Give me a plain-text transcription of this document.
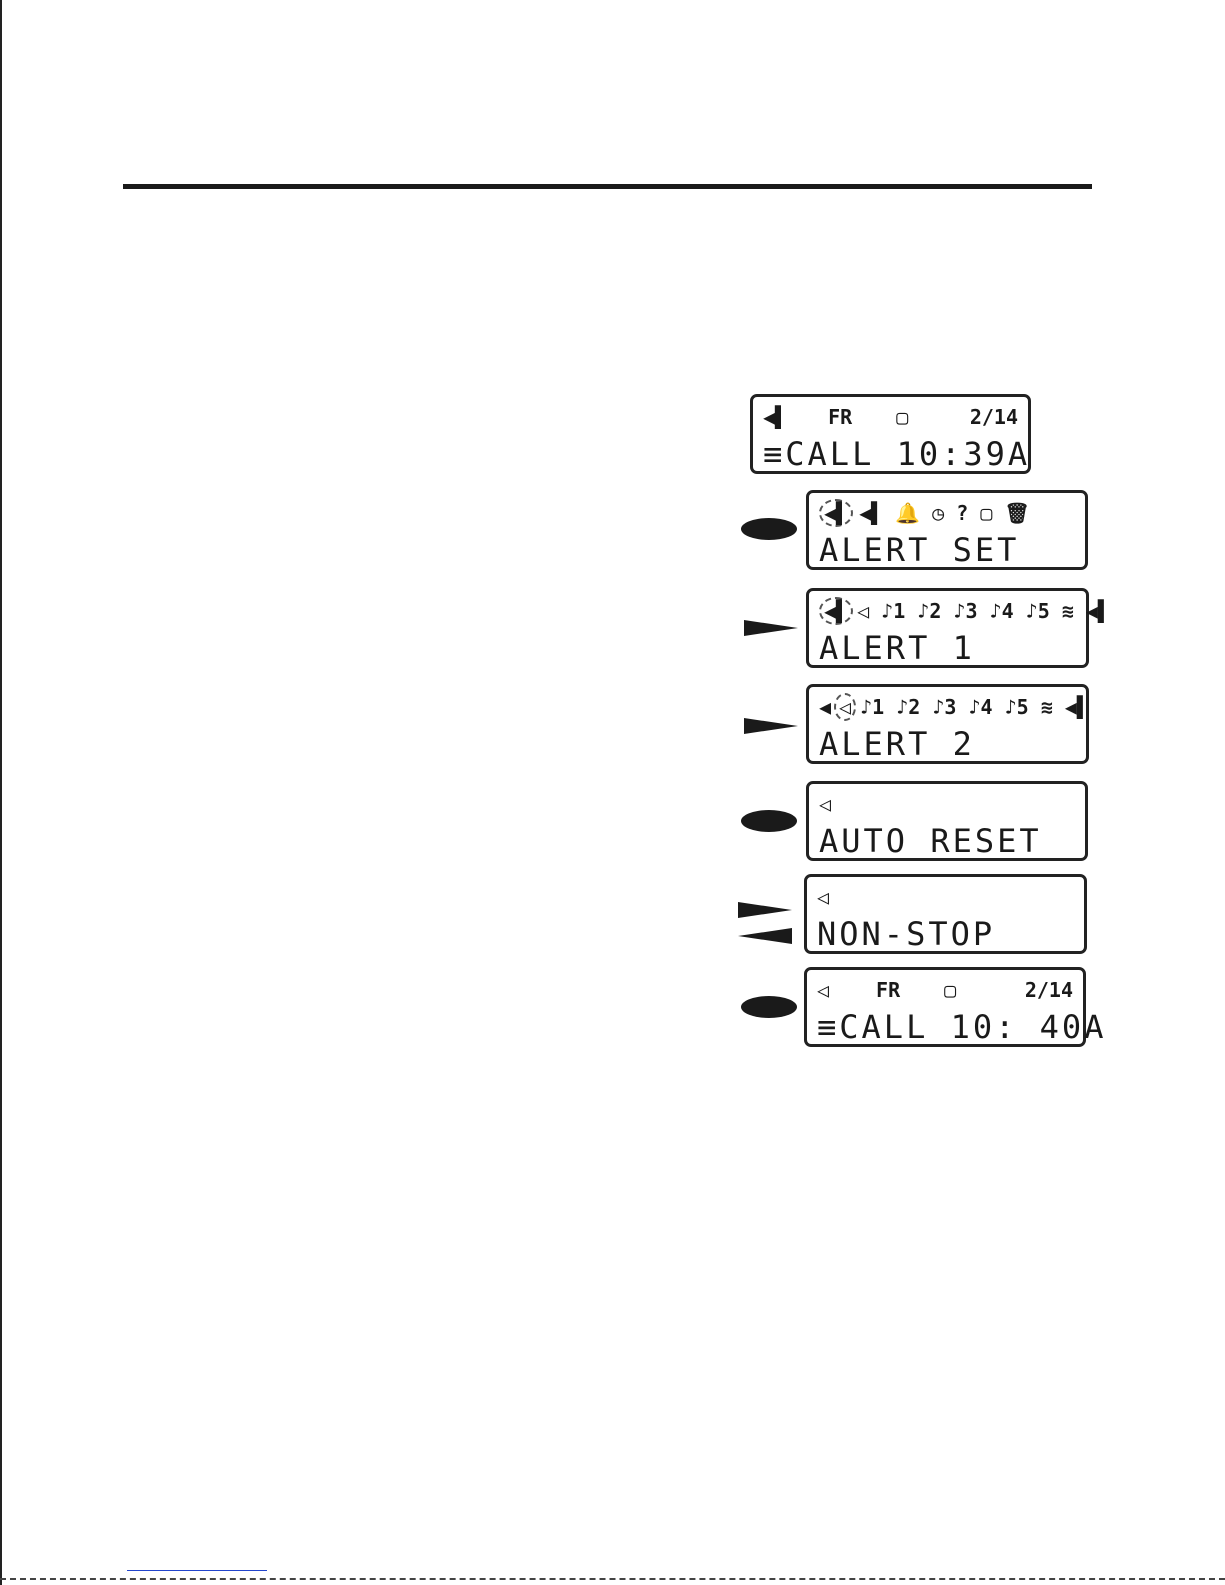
◀▌ FR ▢	2/14
≡CALL 10:39A
◀▌ ◀▌ 🔔 ◷ ? ▢ 🗑
ALERT SET
◀▌ ◁ ♪1 ♪2 ♪3 ♪4 ♪5 ≋ ◀▌
ALERT 1
◀ ◁ ♪1 ♪2 ♪3 ♪4 ♪5 ≋ ◀▌
ALERT 2
◁
AUTO RESET
◁
NON-STOP
◁ FR ▢	2/14
≡CALL 10: 40A
